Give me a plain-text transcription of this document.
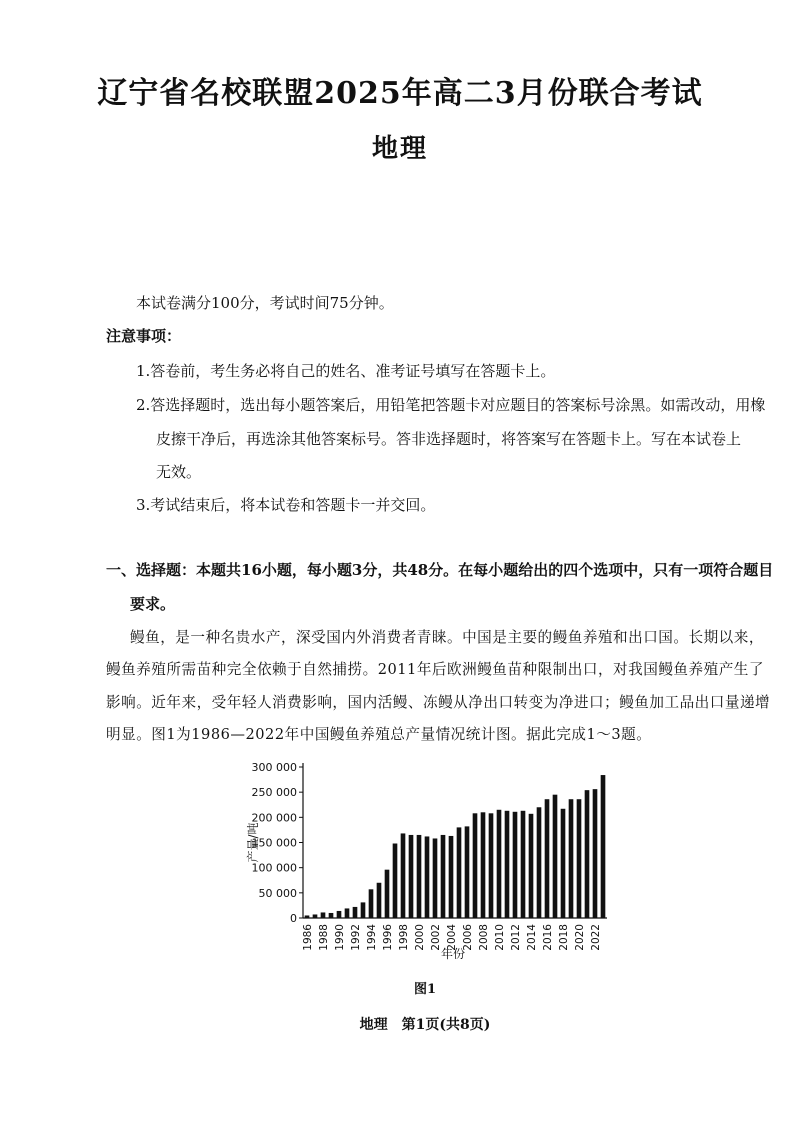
辽宁省名校联盟2025年高二3月份联合考试
地理
本试卷满分100分，考试时间75分钟。
注意事项：
1.答卷前，考生务必将自己的姓名、准考证号填写在答题卡上。
2.答选择题时，选出每小题答案后，用铅笔把答题卡对应题目的答案标号涂黑。如需改动，用橡
皮擦干净后，再选涂其他答案标号。答非选择题时，将答案写在答题卡上。写在本试卷上
无效。
3.考试结束后，将本试卷和答题卡一并交回。
一、选择题：本题共16小题，每小题3分，共48分。在每小题给出的四个选项中，只有一项符合题目
要求。
鳗鱼，是一种名贵水产，深受国内外消费者青睐。中国是主要的鳗鱼养殖和出口国。长期以来，
鳗鱼养殖所需苗种完全依赖于自然捕捞。2011年后欧洲鳗鱼苗种限制出口，对我国鳗鱼养殖产生了
影响。近年来，受年轻人消费影响，国内活鳗、冻鳗从净出口转变为净进口；鳗鱼加工品出口量递增
明显。图1为1986—2022年中国鳗鱼养殖总产量情况统计图。据此完成1～3题。
0
50 000
100 000
150 000
200 000
250 000
300 000
产量/吨
1986 1988 1990 1992 1994 1996 1998 2000 2002 2004 2006 2008 2010 2012 2014 2016 2018 2020 2022
年份
图1
地理　第1页(共8页)
